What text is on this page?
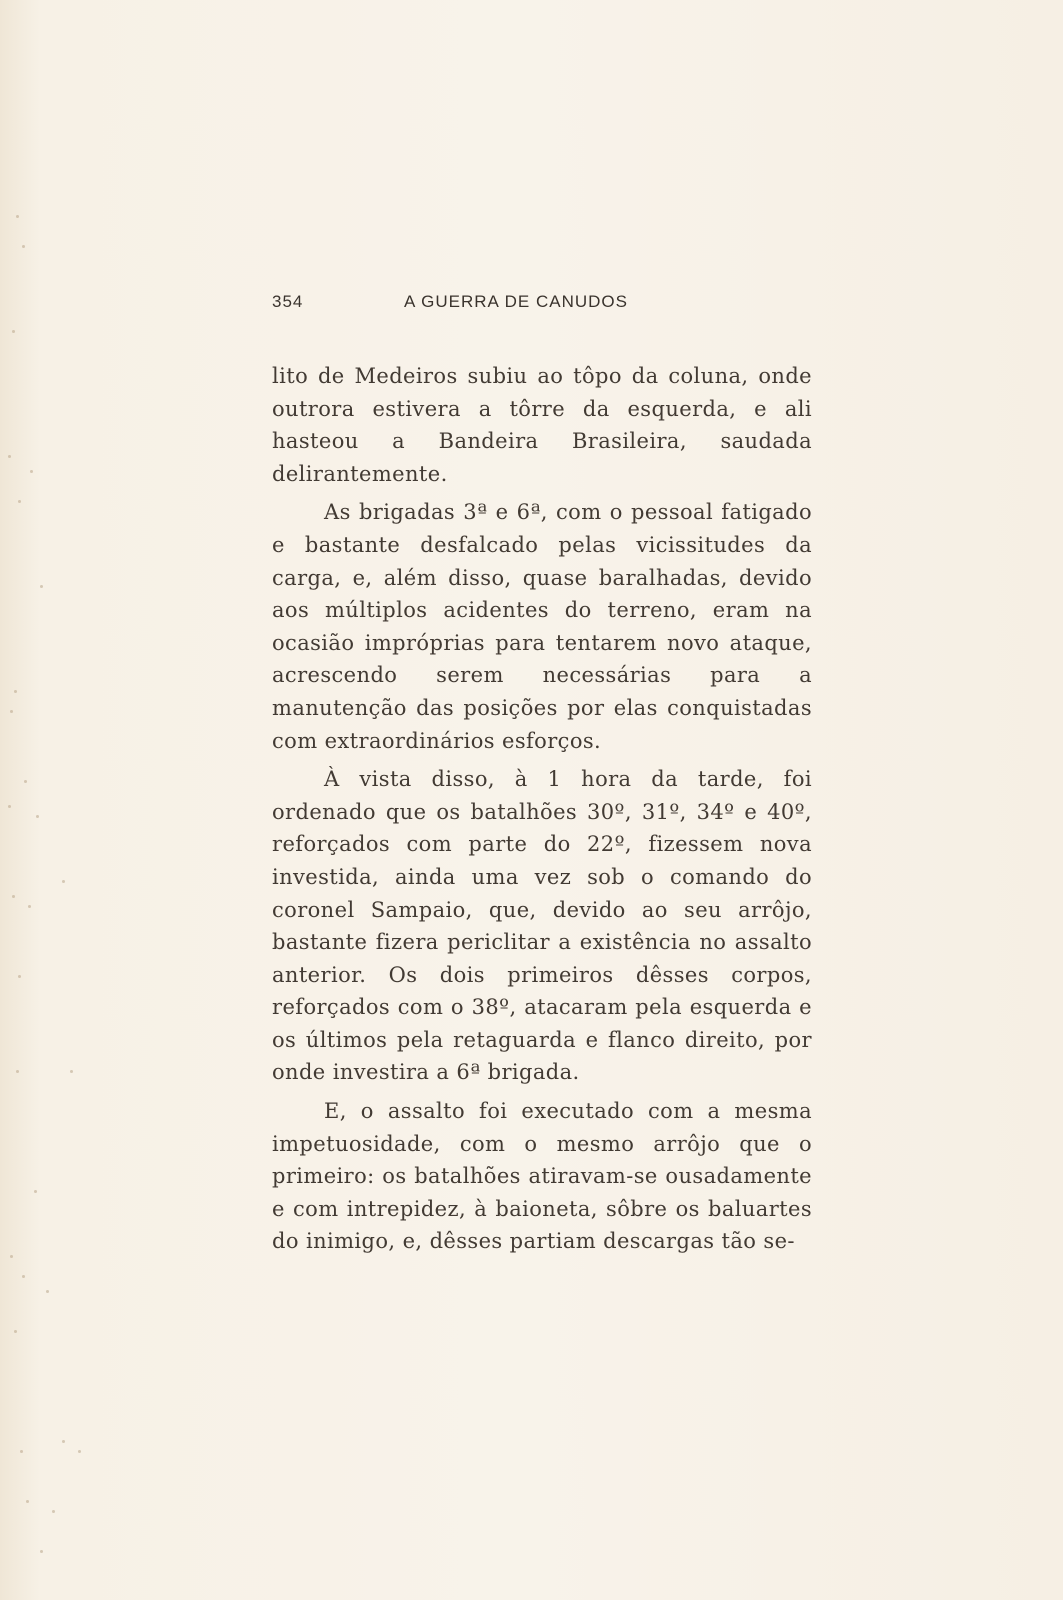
354	A GUERRA DE CANUDOS

lito de Medeiros subiu ao tôpo da coluna, onde outrora estivera a tôrre da esquerda, e ali hasteou a Bandeira Brasileira, saudada delirantemente.

As brigadas 3ª e 6ª, com o pessoal fatigado e bastante desfalcado pelas vicissitudes da carga, e, além disso, quase baralhadas, devido aos múltiplos acidentes do terreno, eram na ocasião impróprias para tentarem novo ataque, acrescendo serem necessárias para a manutenção das posições por elas conquistadas com extraordinários esforços.

À vista disso, à 1 hora da tarde, foi ordenado que os batalhões 30º, 31º, 34º e 40º, reforçados com parte do 22º, fizessem nova investida, ainda uma vez sob o comando do coronel Sampaio, que, devido ao seu arrôjo, bastante fizera periclitar a existência no assalto anterior. Os dois primeiros dêsses corpos, reforçados com o 38º, atacaram pela esquerda e os últimos pela retaguarda e flanco direito, por onde investira a 6ª brigada.

E, o assalto foi executado com a mesma impetuosidade, com o mesmo arrôjo que o primeiro: os batalhões atiravam-se ousadamente e com intrepidez, à baioneta, sôbre os baluartes do inimigo, e, dêsses partiam descargas tão se-
